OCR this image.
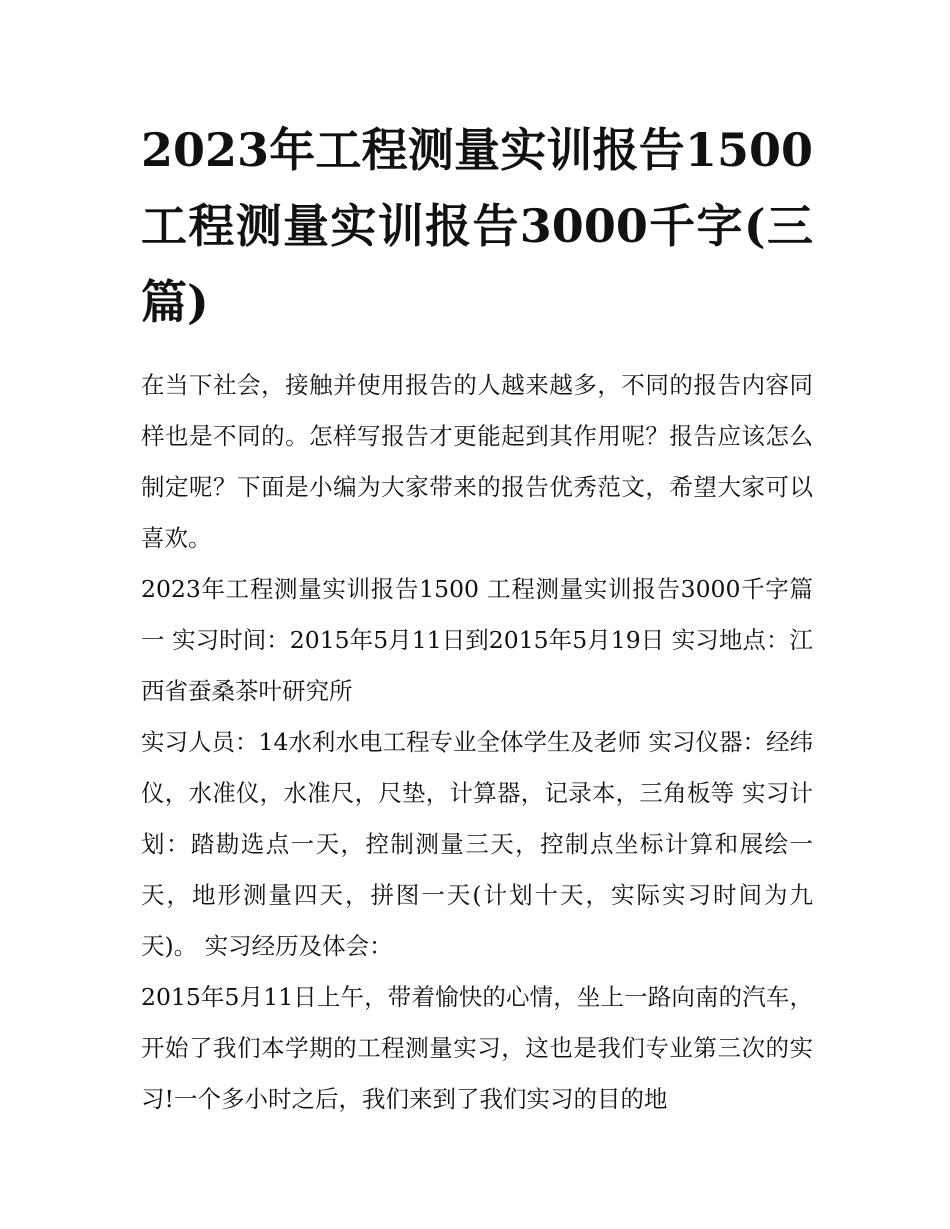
2023年工程测量实训报告1500 工程测量实训报告3000千字(三篇)

在当下社会，接触并使用报告的人越来越多，不同的报告内容同样也是不同的。怎样写报告才更能起到其作用呢？报告应该怎么制定呢？下面是小编为大家带来的报告优秀范文，希望大家可以喜欢。

2023年工程测量实训报告1500 工程测量实训报告3000千字篇一 实习时间：2015年5月11日到2015年5月19日 实习地点：江西省蚕桑茶叶研究所

实习人员：14水利水电工程专业全体学生及老师 实习仪器：经纬仪，水准仪，水准尺，尺垫，计算器，记录本，三角板等 实习计划：踏勘选点一天，控制测量三天，控制点坐标计算和展绘一天，地形测量四天，拼图一天(计划十天，实际实习时间为九天)。 实习经历及体会：

2015年5月11日上午，带着愉快的心情，坐上一路向南的汽车，开始了我们本学期的工程测量实习，这也是我们专业第三次的实习!一个多小时之后，我们来到了我们实习的目的地
